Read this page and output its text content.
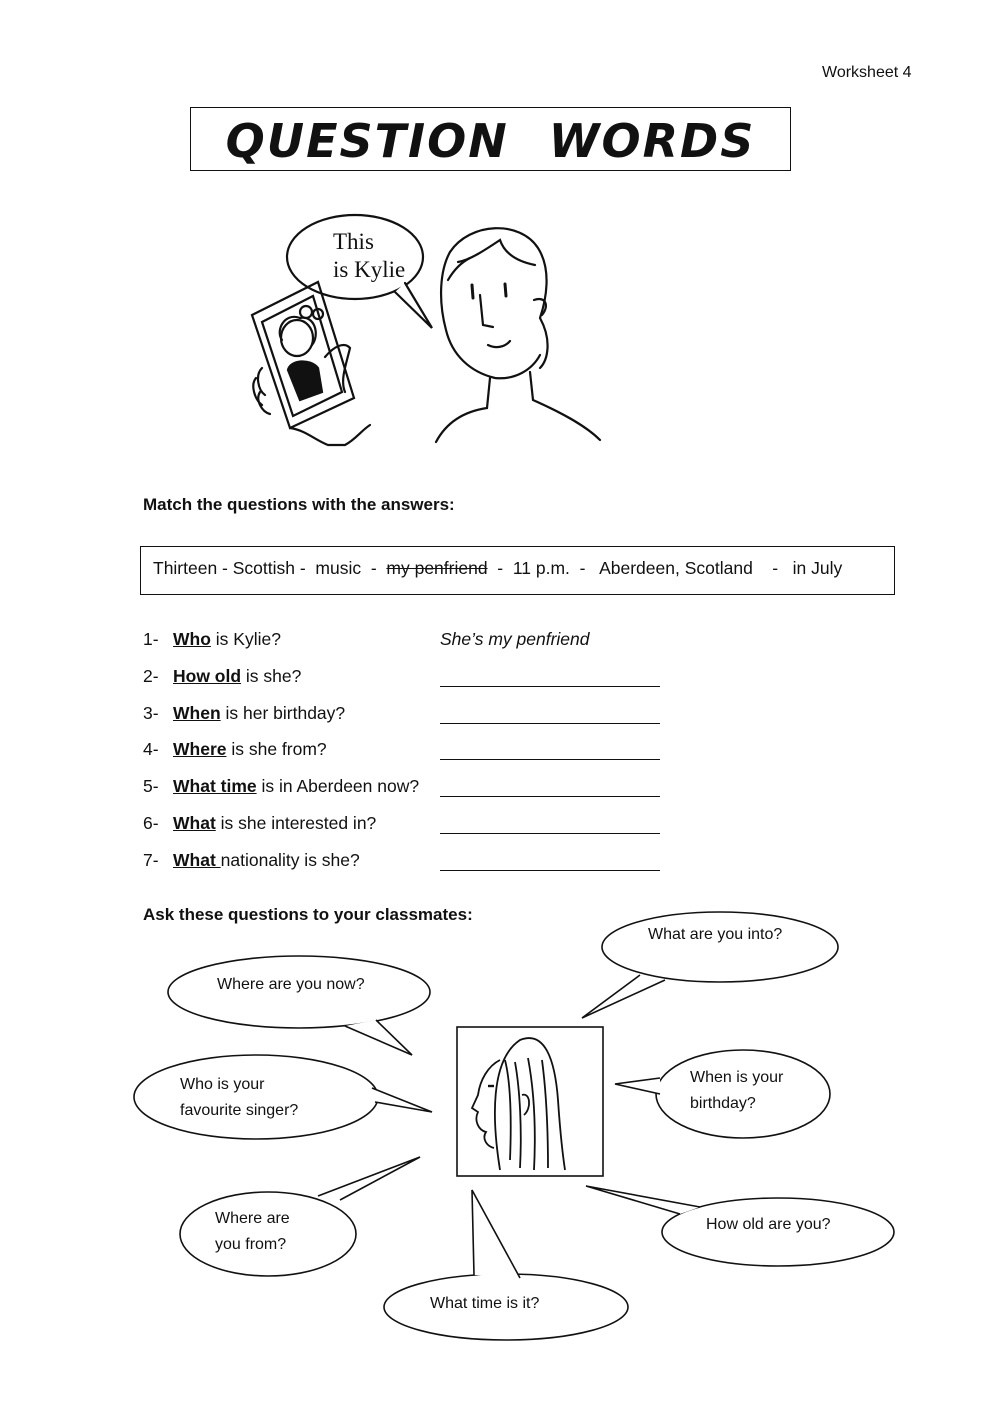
Worksheet 4
QUESTION WORDS
This
is Kylie
Match the questions with the answers:
Thirteen - Scottish -  music  -  my penfriend  -  11 p.m.  -   Aberdeen, Scotland    -   in July
1- Who is Kylie?	She’s my penfriend
2- How old is she?
3- When is her birthday?
4- Where is she from?
5- What time is in Aberdeen now?
6- What is she interested in?
7- What nationality is she?
Ask these questions to your classmates:
What are you into?
Where are you now?
Who is your
favourite singer?
When is your
birthday?
Where are
you from?
How old are you?
What time is it?
